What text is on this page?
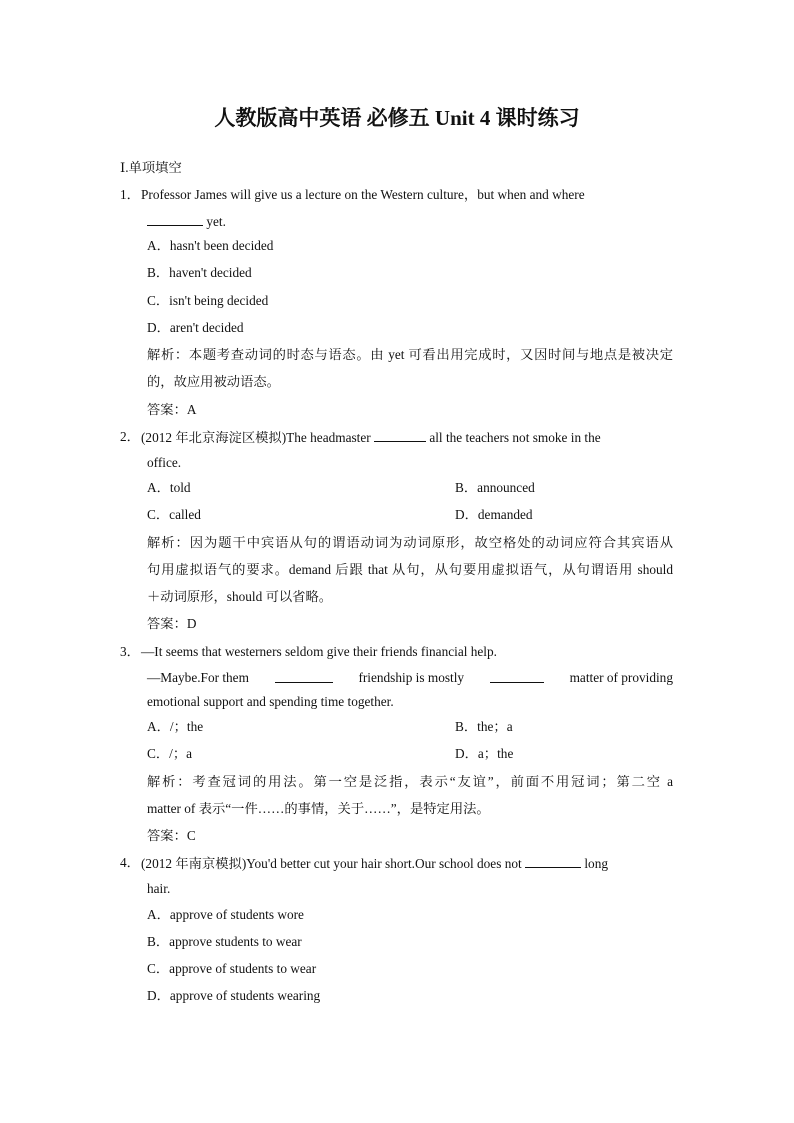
人教版高中英语 必修五 Unit 4 课时练习
Ⅰ.单项填空
1． Professor James will give us a lecture on the Western culture，but when and where
yet.
A．hasn't been decided
B．haven't decided
C．isn't being decided
D．aren't decided
解析：本题考查动词的时态与语态。由 yet 可看出用完成时，又因时间与地点是被决定
的，故应用被动语态。
答案：A
2． (2012 年北京海淀区模拟)The headmaster	all the teachers not smoke in the
office.
A．told	B．announced
C．called	D．demanded
解析：因为题干中宾语从句的谓语动词为动词原形，故空格处的动词应符合其宾语从
句用虚拟语气的要求。demand 后跟 that 从句，从句要用虚拟语气，从句谓语用 should
＋动词原形，should 可以省略。
答案：D
3． —It seems that westerners seldom give their friends financial help.
—Maybe.For them	friendship is mostly	matter of providing
emotional support and spending time together.
A．/；the	B．the；a
C．/；a	D．a；the
解析：考查冠词的用法。第一空是泛指，表示“友谊”，前面不用冠词；第二空 a
matter of 表示“一件……的事情，关于……”，是特定用法。
答案：C
4． (2012 年南京模拟)You'd better cut your hair short.Our school does not	long
hair.
A．approve of students wore
B．approve students to wear
C．approve of students to wear
D．approve of students wearing
